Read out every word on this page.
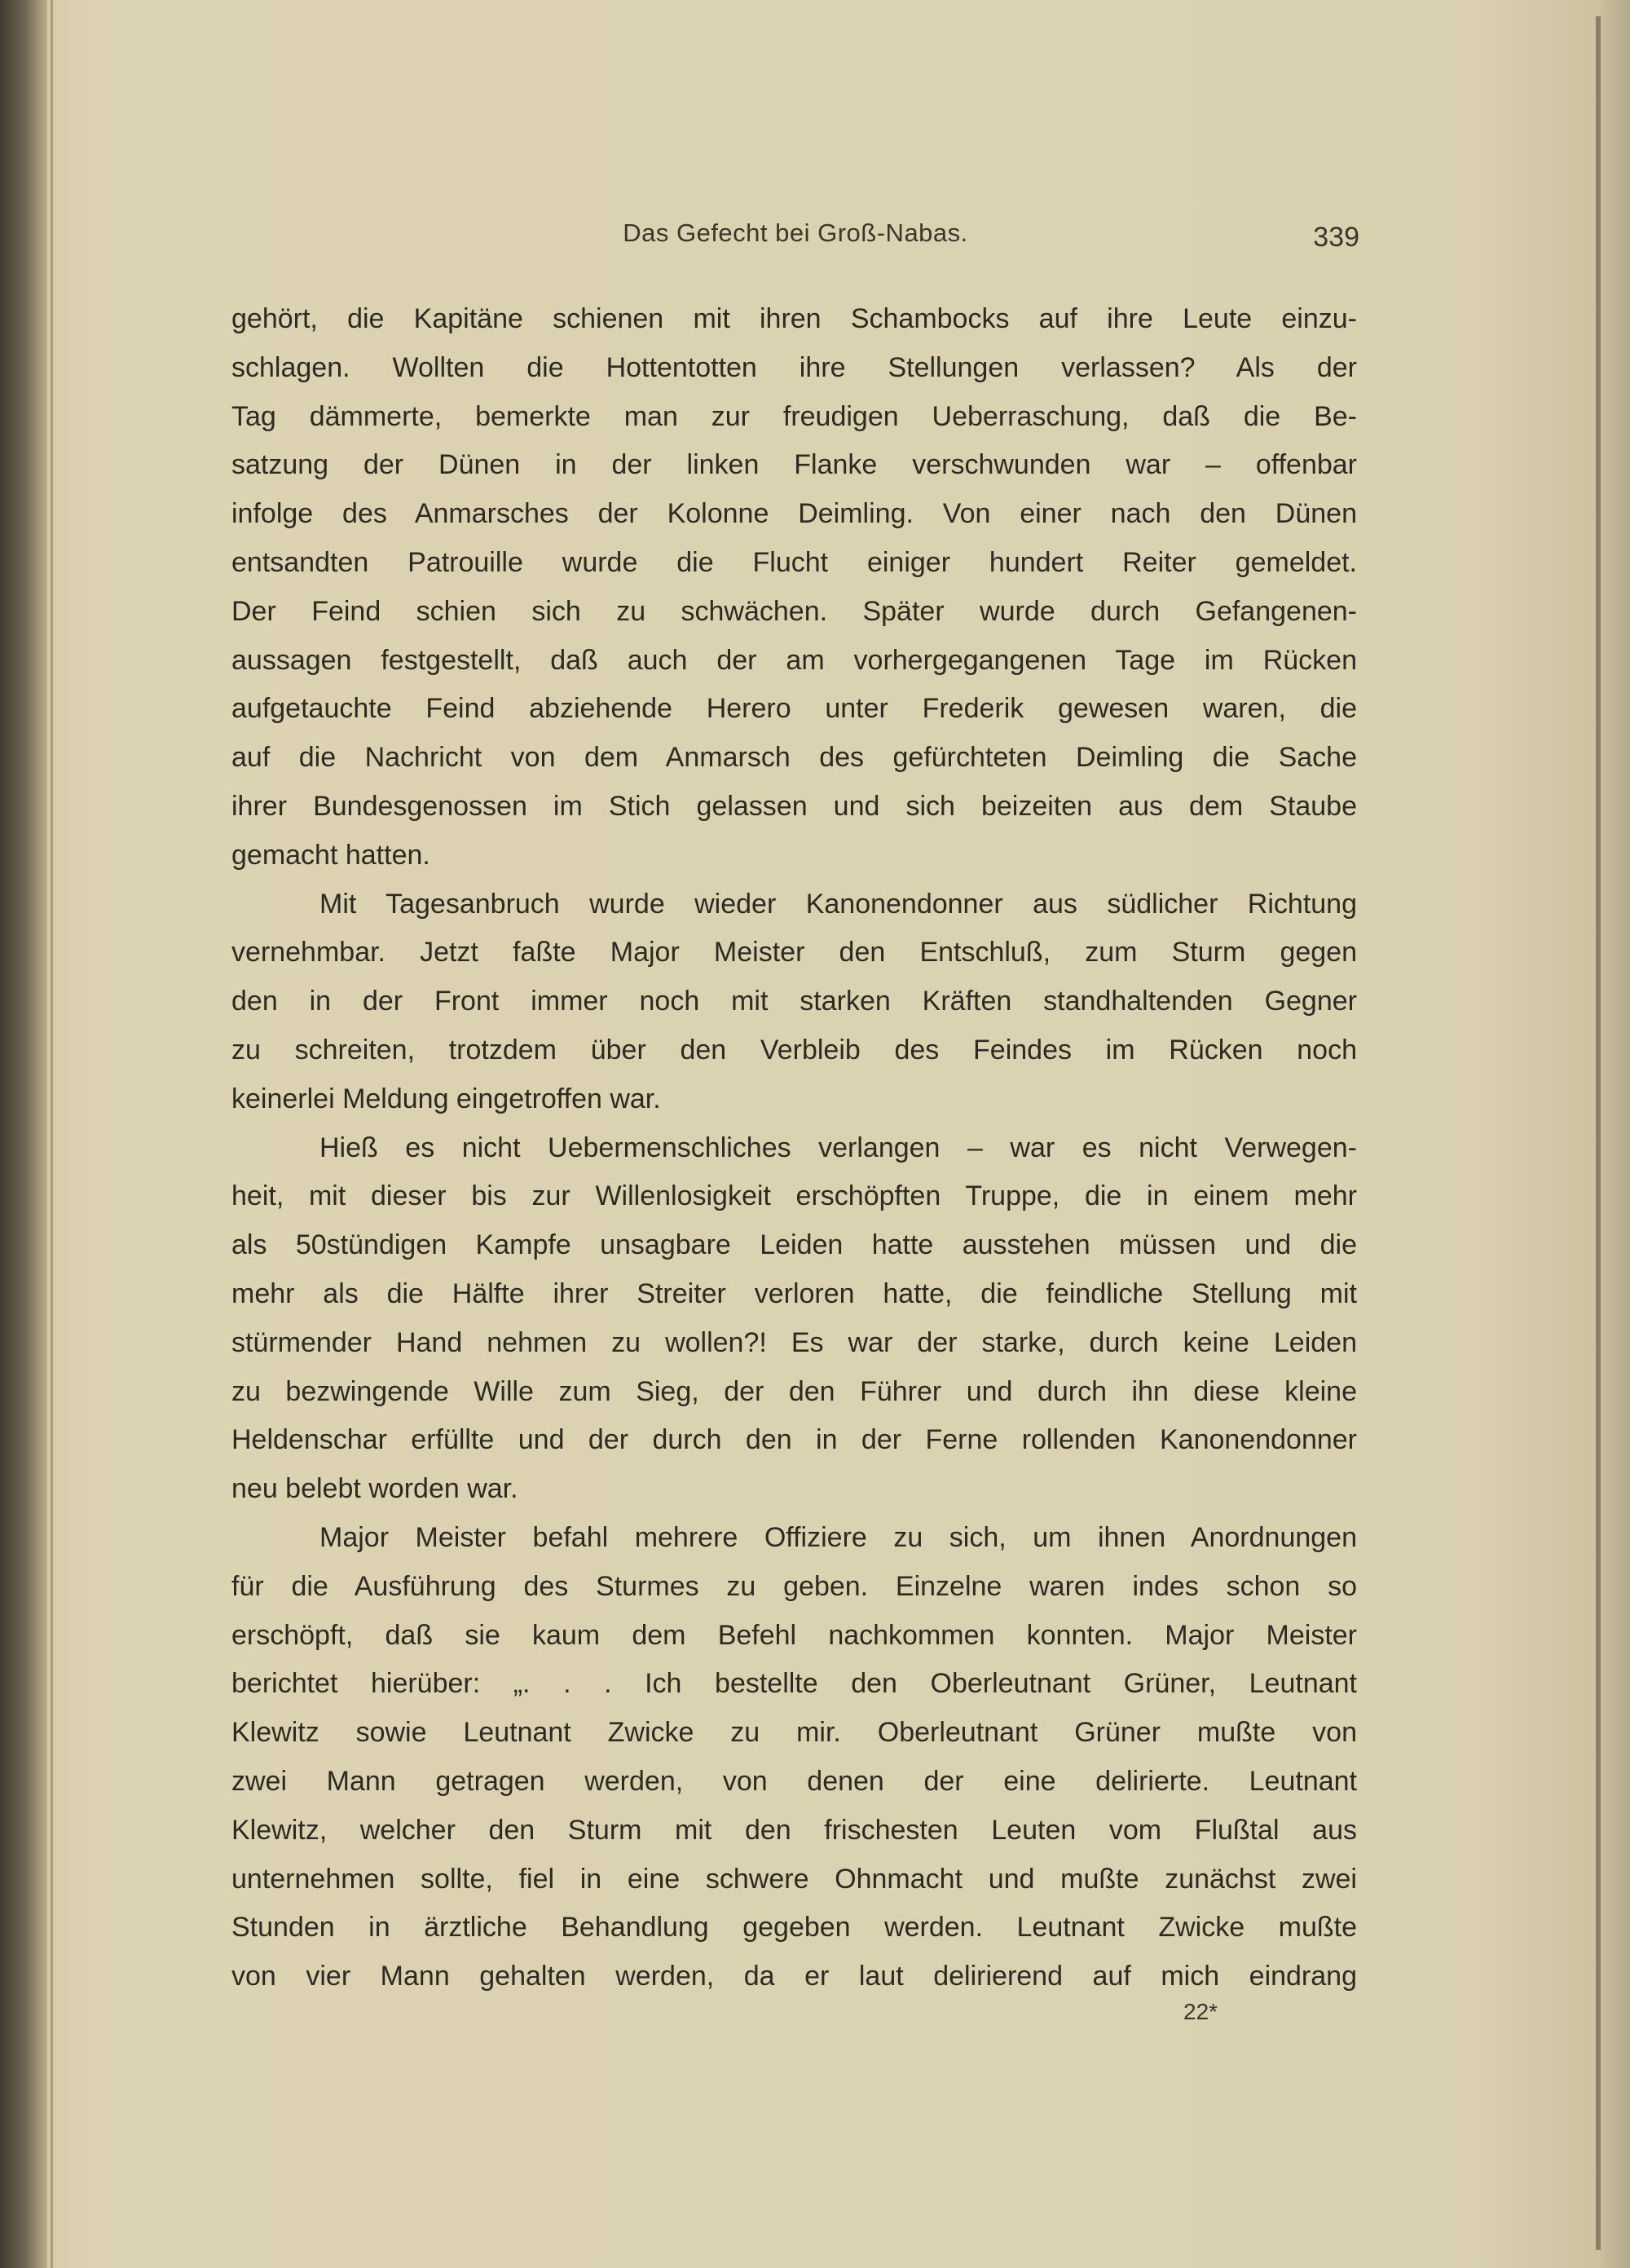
Das Gefecht bei Groß-Nabas.	339
gehört, die Kapitäne schienen mit ihren Schambocks auf ihre Leute einzu-
schlagen. Wollten die Hottentotten ihre Stellungen verlassen? Als der
Tag dämmerte, bemerkte man zur freudigen Ueberraschung, daß die Be-
satzung der Dünen in der linken Flanke verschwunden war – offenbar
infolge des Anmarsches der Kolonne Deimling. Von einer nach den Dünen
entsandten Patrouille wurde die Flucht einiger hundert Reiter gemeldet.
Der Feind schien sich zu schwächen. Später wurde durch Gefangenen-
aussagen festgestellt, daß auch der am vorhergegangenen Tage im Rücken
aufgetauchte Feind abziehende Herero unter Frederik gewesen waren, die
auf die Nachricht von dem Anmarsch des gefürchteten Deimling die Sache
ihrer Bundesgenossen im Stich gelassen und sich beizeiten aus dem Staube
gemacht hatten.
Mit Tagesanbruch wurde wieder Kanonendonner aus südlicher Richtung
vernehmbar. Jetzt faßte Major Meister den Entschluß, zum Sturm gegen
den in der Front immer noch mit starken Kräften standhaltenden Gegner
zu schreiten, trotzdem über den Verbleib des Feindes im Rücken noch
keinerlei Meldung eingetroffen war.
Hieß es nicht Uebermenschliches verlangen – war es nicht Verwegen-
heit, mit dieser bis zur Willenlosigkeit erschöpften Truppe, die in einem mehr
als 50stündigen Kampfe unsagbare Leiden hatte ausstehen müssen und die
mehr als die Hälfte ihrer Streiter verloren hatte, die feindliche Stellung mit
stürmender Hand nehmen zu wollen?! Es war der starke, durch keine Leiden
zu bezwingende Wille zum Sieg, der den Führer und durch ihn diese kleine
Heldenschar erfüllte und der durch den in der Ferne rollenden Kanonendonner
neu belebt worden war.
Major Meister befahl mehrere Offiziere zu sich, um ihnen Anordnungen
für die Ausführung des Sturmes zu geben. Einzelne waren indes schon so
erschöpft, daß sie kaum dem Befehl nachkommen konnten. Major Meister
berichtet hierüber: „. . . Ich bestellte den Oberleutnant Grüner, Leutnant
Klewitz sowie Leutnant Zwicke zu mir. Oberleutnant Grüner mußte von
zwei Mann getragen werden, von denen der eine delirierte. Leutnant
Klewitz, welcher den Sturm mit den frischesten Leuten vom Flußtal aus
unternehmen sollte, fiel in eine schwere Ohnmacht und mußte zunächst zwei
Stunden in ärztliche Behandlung gegeben werden. Leutnant Zwicke mußte
von vier Mann gehalten werden, da er laut delirierend auf mich eindrang
22*
